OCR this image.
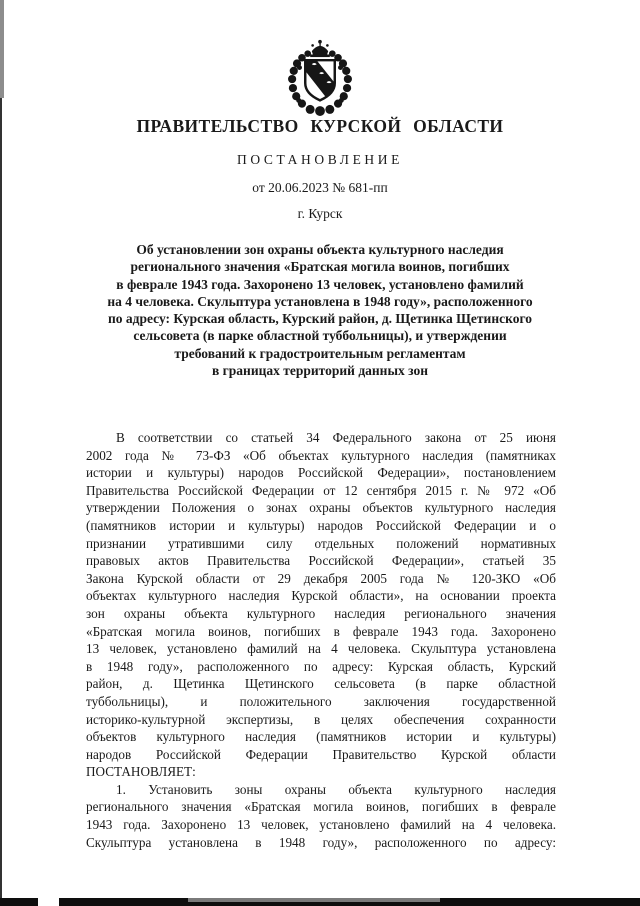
ПРАВИТЕЛЬСТВО КУРСКОЙ ОБЛАСТИ
ПОСТАНОВЛЕНИЕ
от 20.06.2023 № 681-пп
г. Курск
Об установлении зон охраны объекта культурного наследия
регионального значения «Братская могила воинов, погибших
в феврале 1943 года. Захоронено 13 человек, установлено фамилий
на 4 человека. Скульптура установлена в 1948 году», расположенного
по адресу: Курская область, Курский район, д. Щетинка Щетинского
сельсовета (в парке областной туббольницы), и утверждении
требований к градостроительным регламентам
в границах территорий данных зон
В соответствии со статьей 34 Федерального закона от 25 июня
2002 года № 73-ФЗ «Об объектах культурного наследия (памятниках
истории и культуры) народов Российской Федерации», постановлением
Правительства Российской Федерации от 12 сентября 2015 г. № 972 «Об
утверждении Положения о зонах охраны объектов культурного наследия
(памятников истории и культуры) народов Российской Федерации и о
признании утратившими силу отдельных положений нормативных
правовых актов Правительства Российской Федерации», статьей 35
Закона Курской области от 29 декабря 2005 года № 120-ЗКО «Об
объектах культурного наследия Курской области», на основании проекта
зон охраны объекта культурного наследия регионального значения
«Братская могила воинов, погибших в феврале 1943 года. Захоронено
13 человек, установлено фамилий на 4 человека. Скульптура установлена
в 1948 году», расположенного по адресу: Курская область, Курский
район, д. Щетинка Щетинского сельсовета (в парке областной
туббольницы), и положительного заключения государственной
историко-культурной экспертизы, в целях обеспечения сохранности
объектов культурного наследия (памятников истории и культуры)
народов Российской Федерации Правительство Курской области
ПОСТАНОВЛЯЕТ:
1. Установить зоны охраны объекта культурного наследия
регионального значения «Братская могила воинов, погибших в феврале
1943 года. Захоронено 13 человек, установлено фамилий на 4 человека.
Скульптура установлена в 1948 году», расположенного по адресу:
